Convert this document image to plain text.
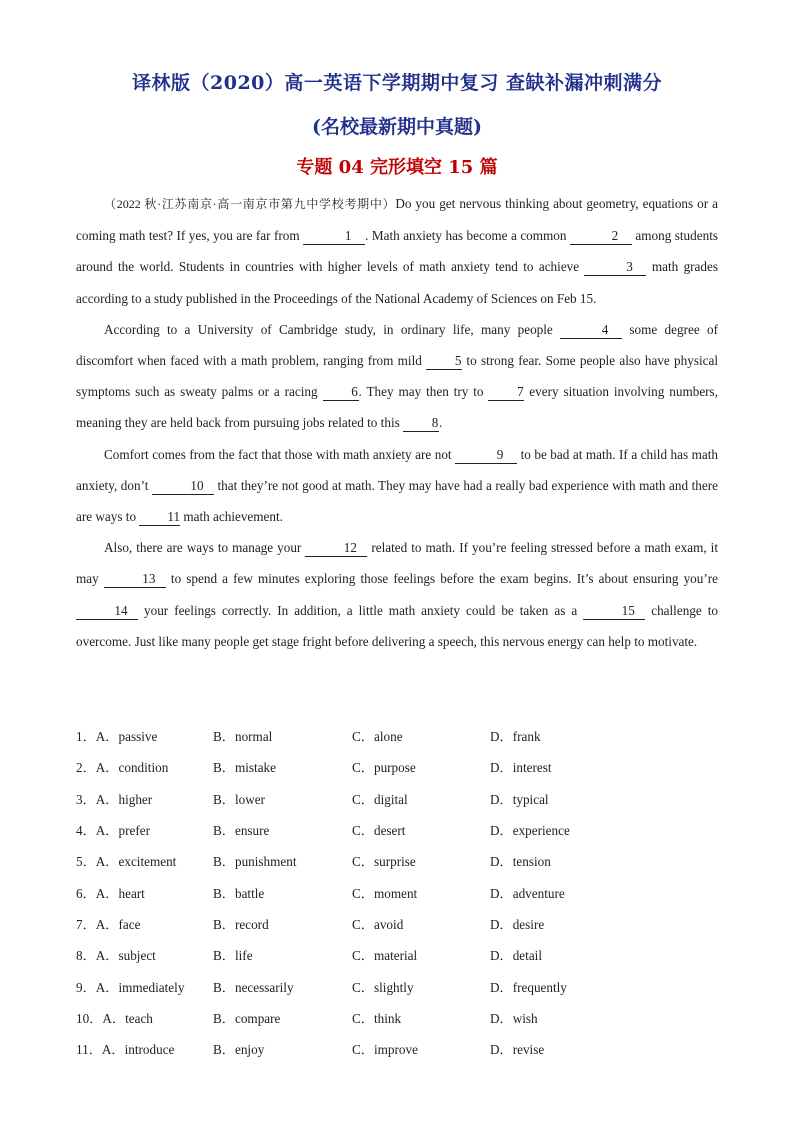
译林版（2020）高一英语下学期期中复习 查缺补漏冲刺满分
(名校最新期中真题)
专题 04 完形填空 15 篇

（2022 秋·江苏南京·高一南京市第九中学校考期中）Do you get nervous thinking about geometry, equations or a coming math test? If yes, you are far from	1 . Math anxiety has become a common	2 among students around the world. Students in countries with higher levels of math anxiety tend to achieve	3 math grades according to a study published in the Proceedings of the National Academy of Sciences on Feb 15.

According to a University of Cambridge study, in ordinary life, many people	4 some degree of discomfort when faced with a math problem, ranging from mild 5 to strong fear. Some people also have physical symptoms such as sweaty palms or a racing 6. They may then try to 7 every situation involving numbers, meaning they are held back from pursuing jobs related to this 8.

Comfort comes from the fact that those with math anxiety are not	9 to be bad at math. If a child has math anxiety, don’t	10 that they’re not good at math. They may have had a really bad experience with math and there are ways to 11 math achievement.

Also, there are ways to manage your	12 related to math. If you’re feeling stressed before a math exam, it may	13 to spend a few minutes exploring those feelings before the exam begins. It’s about ensuring you’re 14 your feelings correctly. In addition, a little math anxiety could be taken as a	15 challenge to overcome. Just like many people get stage fright before delivering a speech, this nervous energy can help to motivate.

1．A．passive	B．normal	C．alone	D．frank
2．A．condition	B．mistake	C．purpose	D．interest
3．A．higher	B．lower	C．digital	D．typical
4．A．prefer	B．ensure	C．desert	D．experience
5．A．excitement	B．punishment	C．surprise	D．tension
6．A．heart	B．battle	C．moment	D．adventure
7．A．face	B．record	C．avoid	D．desire
8．A．subject	B．life	C．material	D．detail
9．A．immediately	B．necessarily	C．slightly	D．frequently
10．A．teach	B．compare	C．think	D．wish
11．A．introduce	B．enjoy	C．improve	D．revise
